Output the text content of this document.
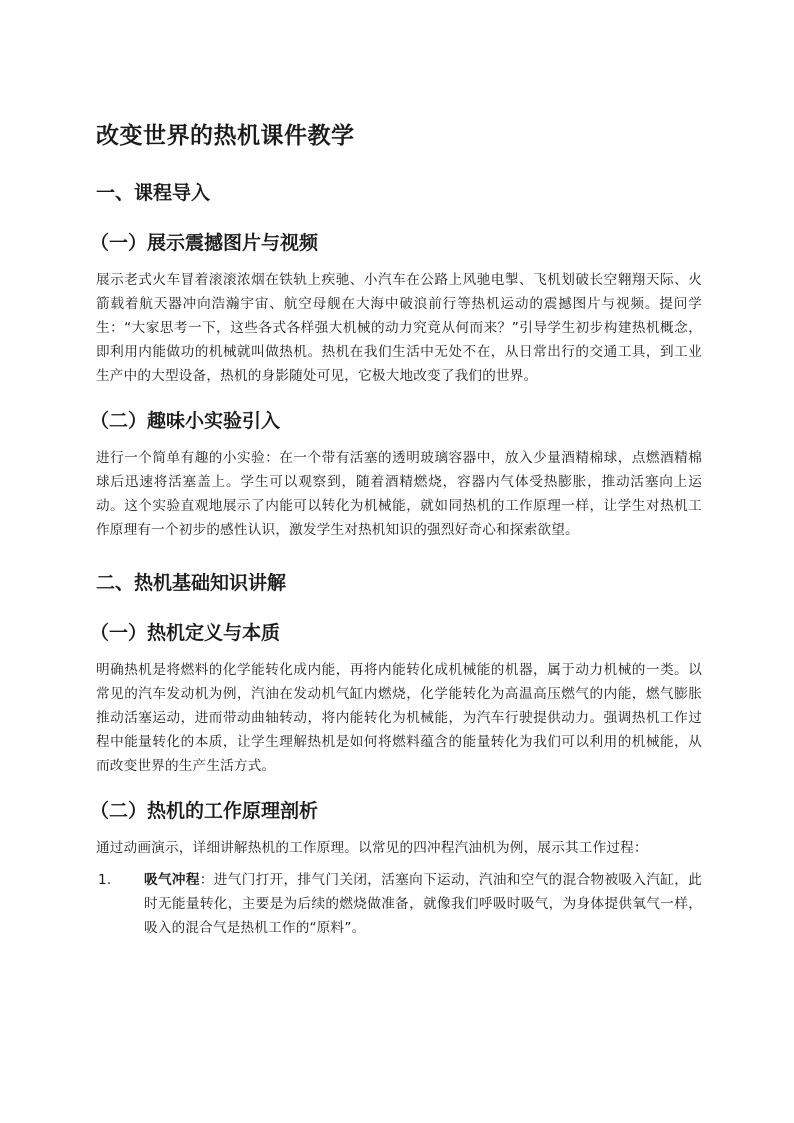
改变世界的热机课件教学
一、课程导入
（一）展示震撼图片与视频

展示老式火车冒着滚滚浓烟在铁轨上疾驰、小汽车在公路上风驰电掣、飞机划破长空翱翔天际、火箭载着航天器冲向浩瀚宇宙、航空母舰在大海中破浪前行等热机运动的震撼图片与视频。提问学生：“大家思考一下，这些各式各样强大机械的动力究竟从何而来？”引导学生初步构建热机概念，即利用内能做功的机械就叫做热机。热机在我们生活中无处不在，从日常出行的交通工具，到工业生产中的大型设备，热机的身影随处可见，它极大地改变了我们的世界。

（二）趣味小实验引入

进行一个简单有趣的小实验：在一个带有活塞的透明玻璃容器中，放入少量酒精棉球，点燃酒精棉球后迅速将活塞盖上。学生可以观察到，随着酒精燃烧，容器内气体受热膨胀，推动活塞向上运动。这个实验直观地展示了内能可以转化为机械能，就如同热机的工作原理一样，让学生对热机工作原理有一个初步的感性认识，激发学生对热机知识的强烈好奇心和探索欲望。

二、热机基础知识讲解
（一）热机定义与本质

明确热机是将燃料的化学能转化成内能，再将内能转化成机械能的机器，属于动力机械的一类。以常见的汽车发动机为例，汽油在发动机气缸内燃烧，化学能转化为高温高压燃气的内能，燃气膨胀推动活塞运动，进而带动曲轴转动，将内能转化为机械能，为汽车行驶提供动力。强调热机工作过程中能量转化的本质，让学生理解热机是如何将燃料蕴含的能量转化为我们可以利用的机械能，从而改变世界的生产生活方式。

（二）热机的工作原理剖析

通过动画演示，详细讲解热机的工作原理。以常见的四冲程汽油机为例，展示其工作过程：

1. 吸气冲程：进气门打开，排气门关闭，活塞向下运动，汽油和空气的混合物被吸入汽缸，此时无能量转化，主要是为后续的燃烧做准备，就像我们呼吸时吸气，为身体提供氧气一样，吸入的混合气是热机工作的“原料”。
